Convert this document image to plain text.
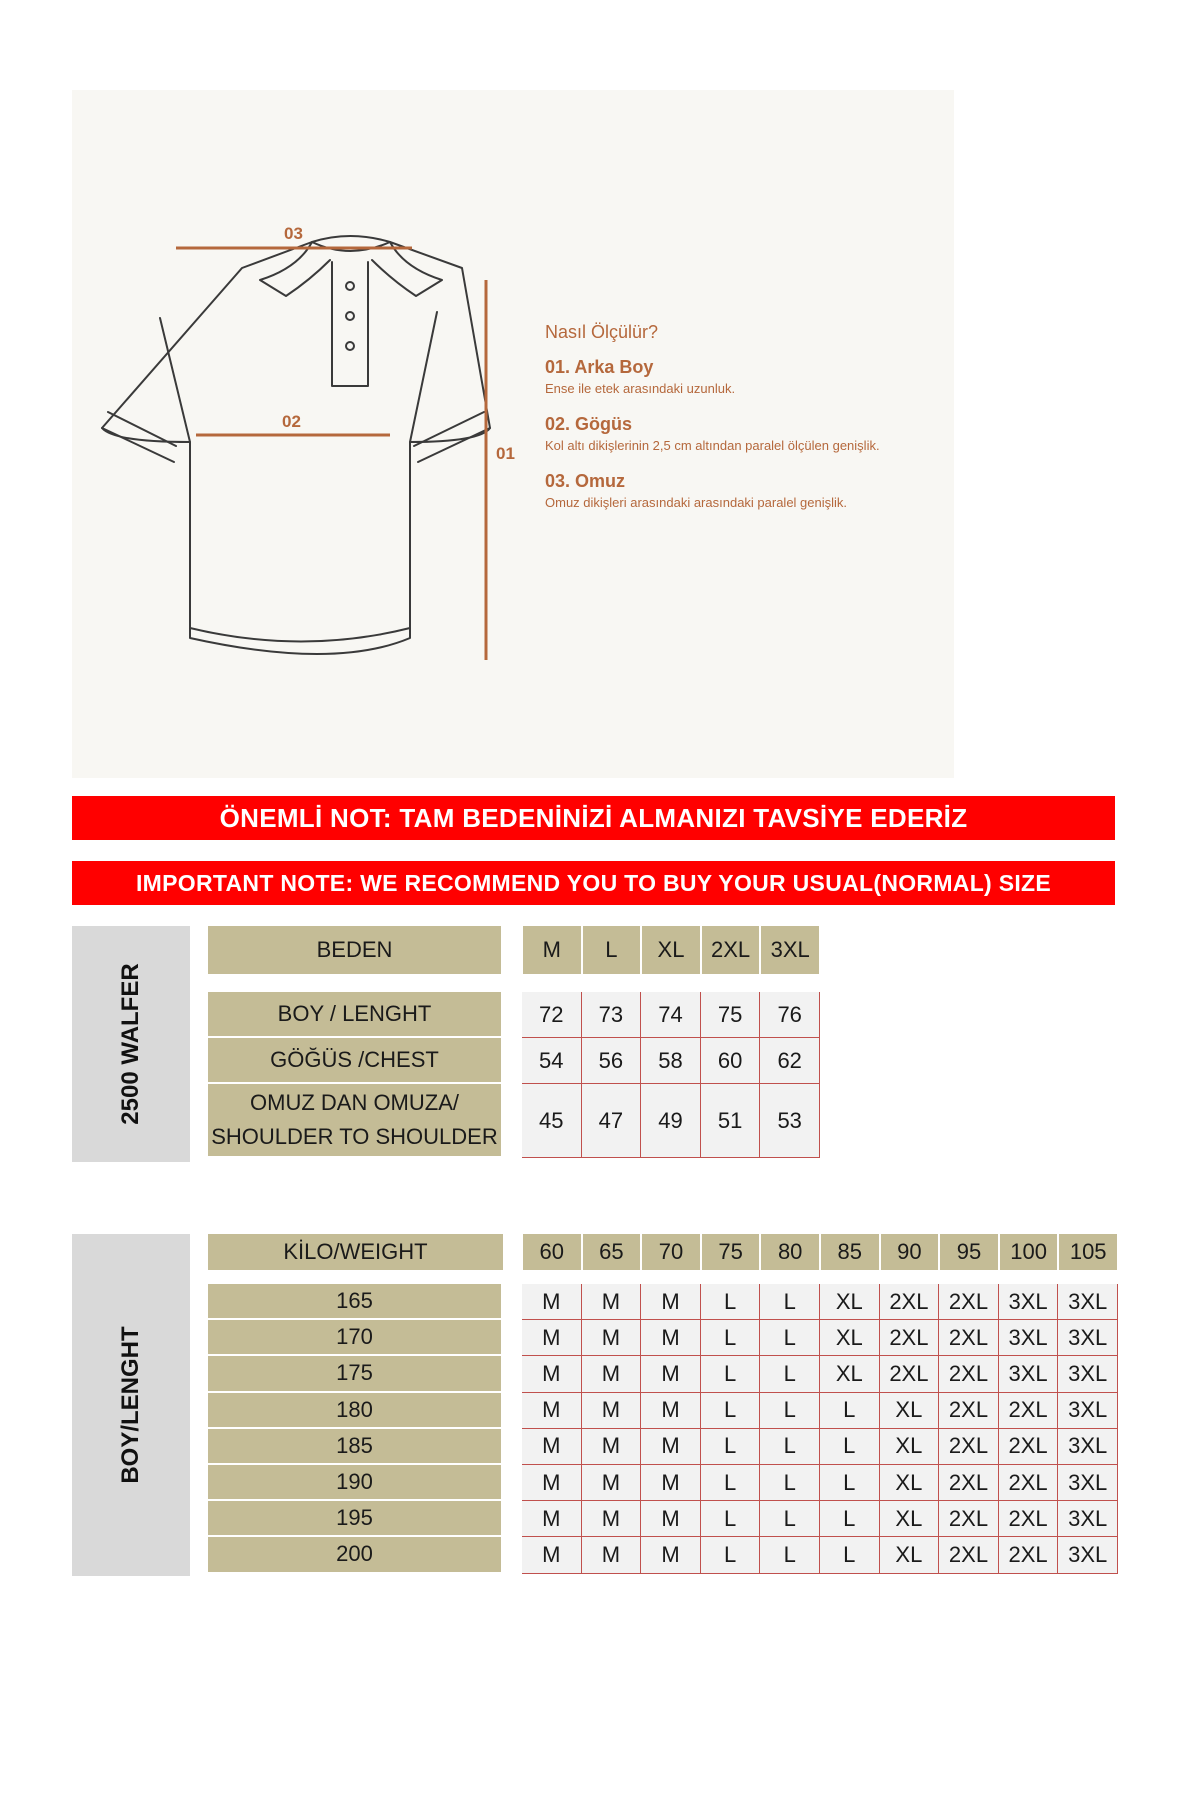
03
02
01
Nasıl Ölçülür?
01. Arka Boy
Ense ile etek arasındaki uzunluk.
02. Gögüs
Kol altı dikişlerinin 2,5 cm altından paralel ölçülen genişlik.
03. Omuz
Omuz dikişleri arasındaki arasındaki paralel genişlik.
ÖNEMLİ NOT: TAM BEDENİNİZİ ALMANIZI TAVSİYE EDERİZ
IMPORTANT NOTE: WE RECOMMEND YOU TO BUY YOUR USUAL(NORMAL) SIZE
2500 WALFER
BEDEN	M	L	XL	2XL 3XL
BOY / LENGHT	72	73	74	75	76
GÖĞÜS /CHEST	54	56	58	60	62
OMUZ DAN OMUZA/
SHOULDER TO SHOULDER
45	47	49	51	53
BOY/LENGHT
KİLO/WEIGHT	60	65	70	75	80	85	90	95	100	105
165	M	M	M	L	L	XL	2XL 2XL 3XL 3XL
170	M	M	M	L	L	XL	2XL 2XL 3XL 3XL
175	M	M	M	L	L	XL	2XL 2XL 3XL 3XL
180	M	M	M	L	L	L	XL	2XL 2XL 3XL
185	M	M	M	L	L	L	XL	2XL 2XL 3XL
190	M	M	M	L	L	L	XL	2XL 2XL 3XL
195	M	M	M	L	L	L	XL	2XL 2XL 3XL
200	M	M	M	L	L	L	XL	2XL 2XL 3XL
